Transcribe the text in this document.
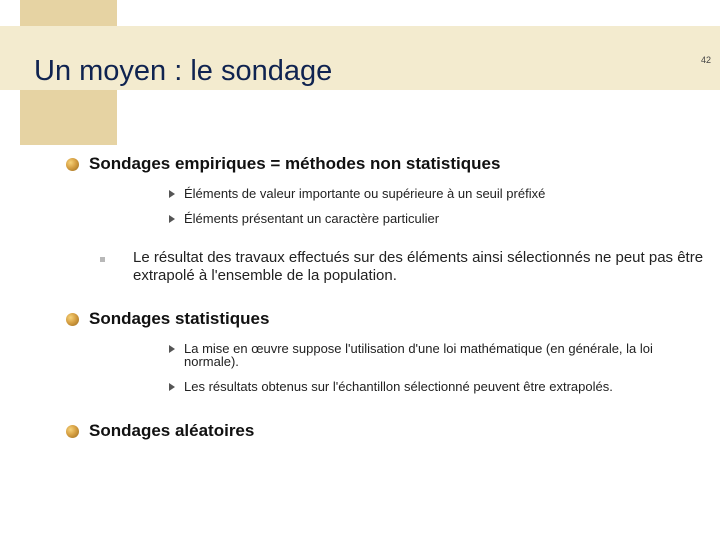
Un moyen : le sondage	42
Sondages empiriques = méthodes non statistiques
Éléments de valeur importante ou supérieure à un seuil préfixé
Éléments présentant un caractère particulier
Le résultat des travaux effectués sur des éléments ainsi sélectionnés ne peut pas être extrapolé à l'ensemble de la population.
Sondages statistiques
La mise en œuvre suppose l'utilisation d'une loi mathématique (en générale, la loi normale).
Les résultats obtenus sur l'échantillon sélectionné peuvent être extrapolés.
Sondages aléatoires
